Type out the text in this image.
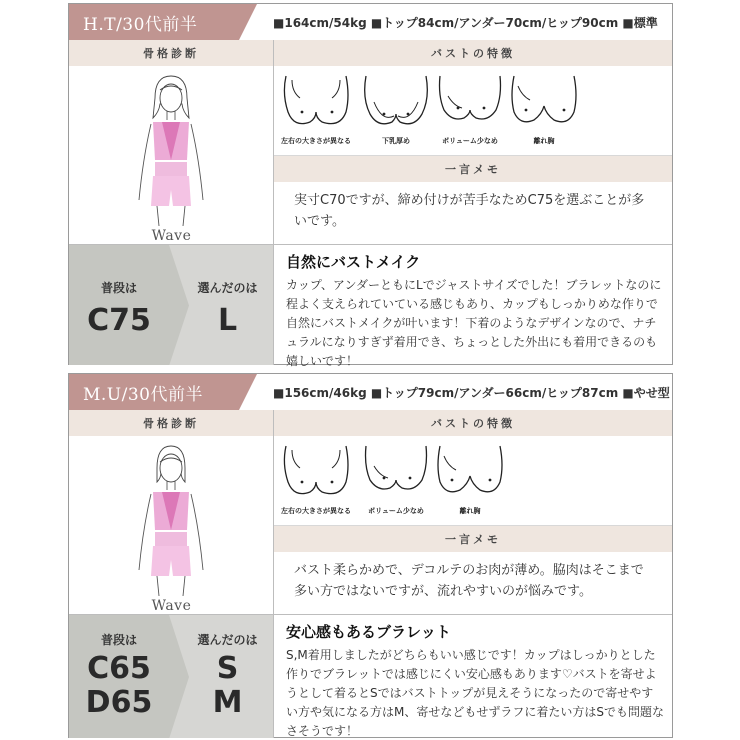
H.T/30代前半	■164cm/54kg ■トップ84cm/アンダー70cm/ヒップ90cm ■標準
骨格診断
Wave
バストの特徴
左右の大きさが異なる	下乳厚め	ボリューム少なめ	離れ胸
一言メモ
実寸C70ですが、締め付けが苦手なためC75を選ぶことが多いです。
普段は
C75
選んだのは
L
自然にバストメイク
カップ、アンダーともにLでジャストサイズでした！ブラレットなのに程よく支えられていている感じもあり、カップもしっかりめな作りで自然にバストメイクが叶います！下着のようなデザインなので、ナチュラルになりすぎず着用でき、ちょっとした外出にも着用できるのも嬉しいです！
M.U/30代前半	■156cm/46kg ■トップ79cm/アンダー66cm/ヒップ87cm ■やせ型
骨格診断
Wave
バストの特徴
左右の大きさが異なる	ボリューム少なめ	離れ胸
一言メモ
バスト柔らかめで、デコルテのお肉が薄め。脇肉はそこまで多い方ではないですが、流れやすいのが悩みです。
普段は
C65
D65
選んだのは
S
M
安心感もあるブラレット
S,M着用しましたがどちらもいい感じです！カップはしっかりとした作りでブラレットでは感じにくい安心感もあります♡バストを寄せようとして着るとSではバストトップが見えそうになったので寄せやすい方や気になる方はM、寄せなどもせずラフに着たい方はSでも問題なさそうです！
